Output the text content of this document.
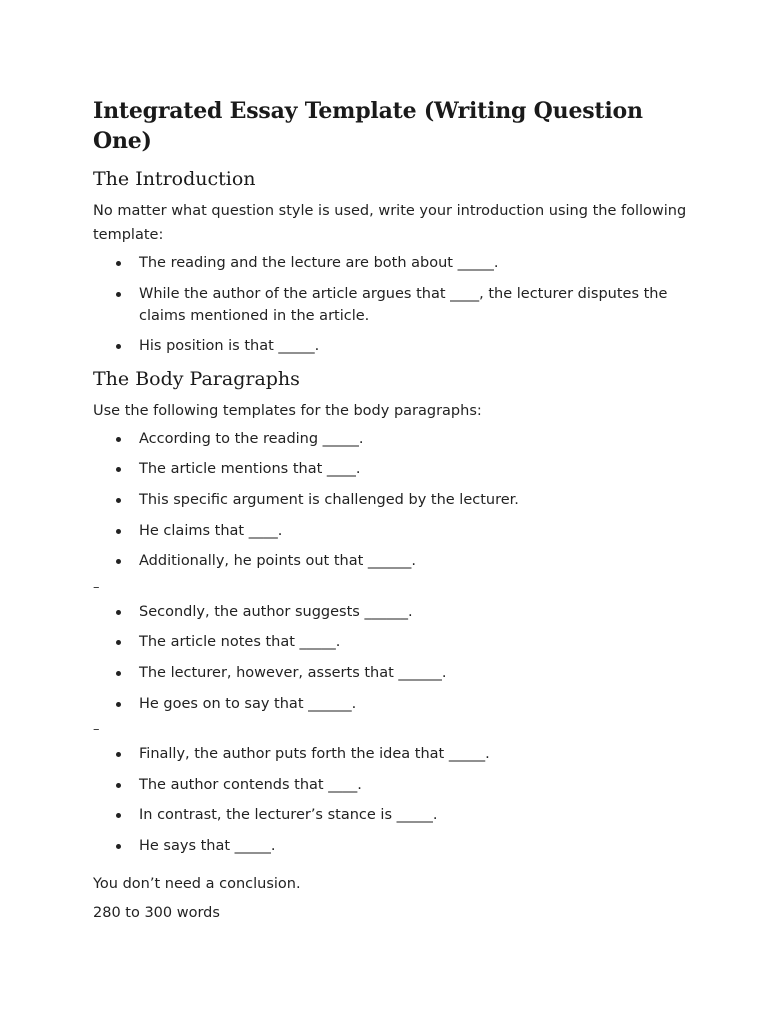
Integrated Essay Template (Writing Question One)
The Introduction

No matter what question style is used, write your introduction using the following template:

The reading and the lecture are both about _____.
While the author of the article argues that ____, the lecturer disputes the claims mentioned in the article.
His position is that _____.
The Body Paragraphs

Use the following templates for the body paragraphs:

According to the reading _____.
The article mentions that ____.
This specific argument is challenged by the lecturer.
He claims that ____.
Additionally, he points out that ______.
–
Secondly, the author suggests ______.
The article notes that _____.
The lecturer, however, asserts that ______.
He goes on to say that ______.
–
Finally, the author puts forth the idea that _____.
The author contends that ____.
In contrast, the lecturer’s stance is _____.
He says that _____.

You don’t need a conclusion.

280 to 300 words
